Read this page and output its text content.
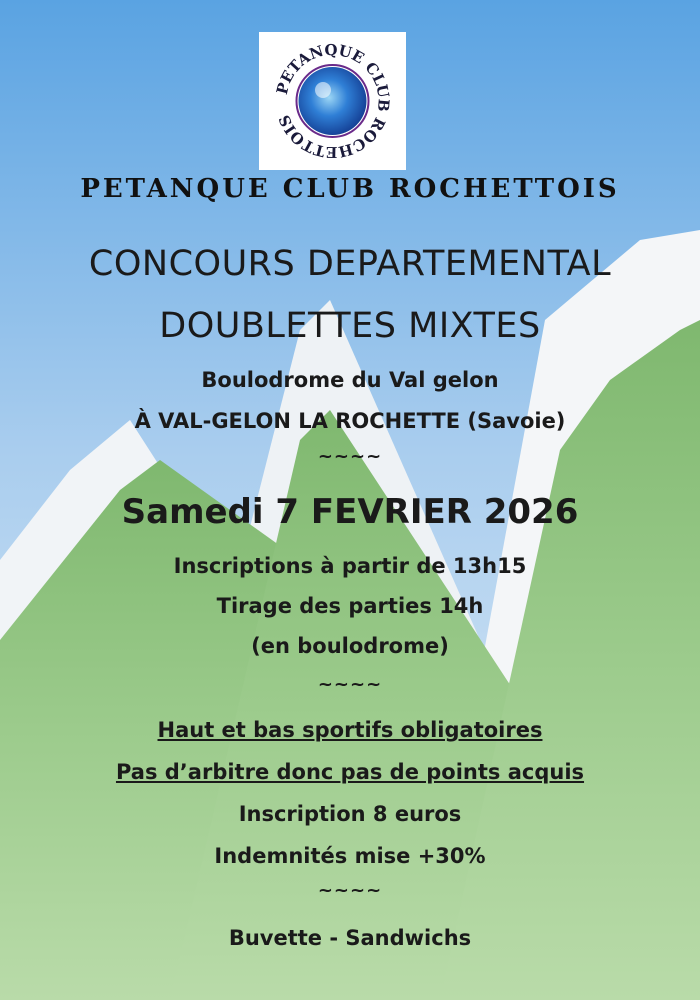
PETANQUE CLUB ROCHETTOIS
PETANQUE CLUB ROCHETTOIS
CONCOURS DEPARTEMENTAL
DOUBLETTES MIXTES
Boulodrome du Val gelon
À VAL-GELON LA ROCHETTE (Savoie)
~~~~
Samedi 7 FEVRIER 2026
Inscriptions à partir de 13h15
Tirage des parties 14h
(en boulodrome)
~~~~
Haut et bas sportifs obligatoires
Pas d’arbitre donc pas de points acquis
Inscription 8 euros
Indemnités mise +30%
~~~~
Buvette - Sandwichs
